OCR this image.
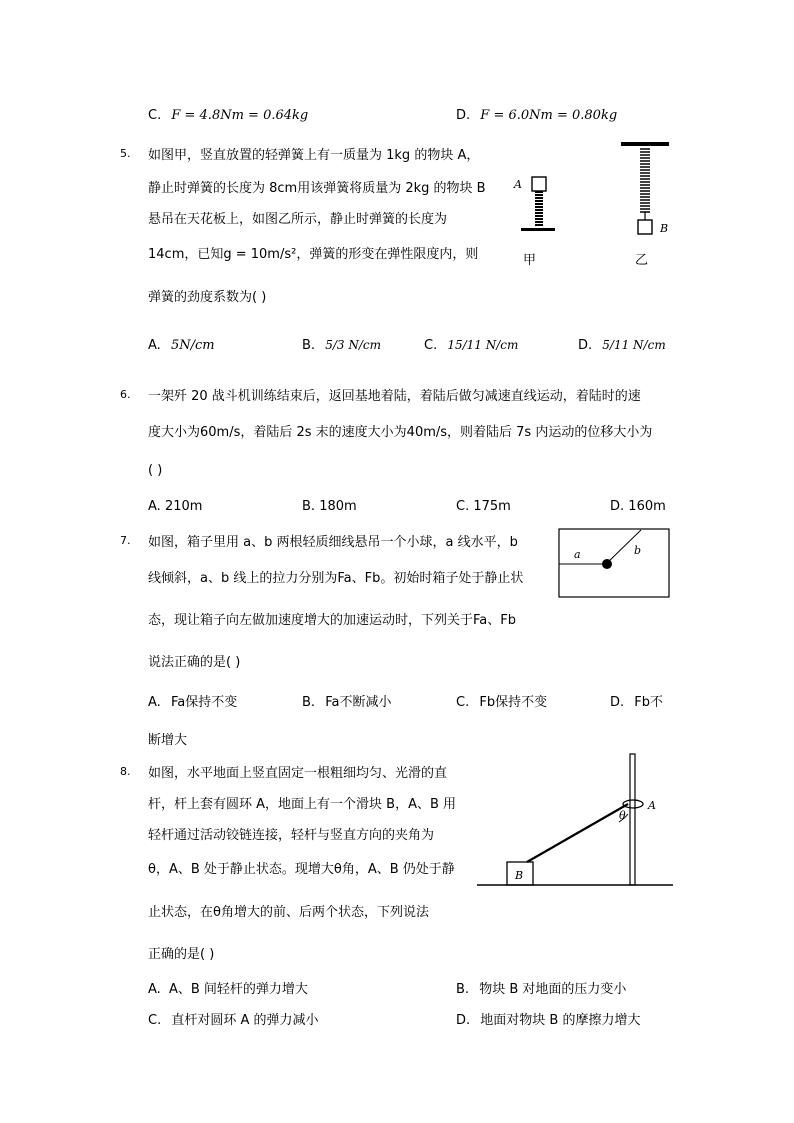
C. F = 4.8Nm = 0.64kg	D. F = 6.0Nm = 0.80kg
5. 如图甲，竖直放置的轻弹簧上有一质量为 1kg 的物块 A，
静止时弹簧的长度为 8cm用该弹簧将质量为 2kg 的物块 B
悬吊在天花板上，如图乙所示，静止时弹簧的长度为
14cm，已知g = 10m/s²，弹簧的形变在弹性限度内，则
弹簧的劲度系数为( )
A
甲
B
乙
A. 5N/cm	B. 5/3 N/cm	C. 15/11 N/cm	D. 5/11 N/cm
6. 一架歼 20 战斗机训练结束后，返回基地着陆，着陆后做匀减速直线运动，着陆时的速
度大小为60m/s，着陆后 2s 末的速度大小为40m/s，则着陆后 7s 内运动的位移大小为
( )
A. 210m	B. 180m	C. 175m	D. 160m
7. 如图，箱子里用 a、b 两根轻质细线悬吊一个小球，a 线水平，b
线倾斜，a、b 线上的拉力分别为Fa、Fb。初始时箱子处于静止状
态，现让箱子向左做加速度增大的加速运动时，下列关于Fa、Fb
说法正确的是( )
a	b
A. Fa保持不变	B. Fa不断减小	C. Fb保持不变	D. Fb不
断增大
8. 如图，水平地面上竖直固定一根粗细均匀、光滑的直
杆，杆上套有圆环 A，地面上有一个滑块 B，A、B 用
轻杆通过活动铰链连接，轻杆与竖直方向的夹角为
θ，A、B 处于静止状态。现增大θ角，A、B 仍处于静
止状态，在θ角增大的前、后两个状态，下列说法
正确的是( )
B
A
θ
A. A、B 间轻杆的弹力增大	B. 物块 B 对地面的压力变小
C. 直杆对圆环 A 的弹力减小	D. 地面对物块 B 的摩擦力增大
